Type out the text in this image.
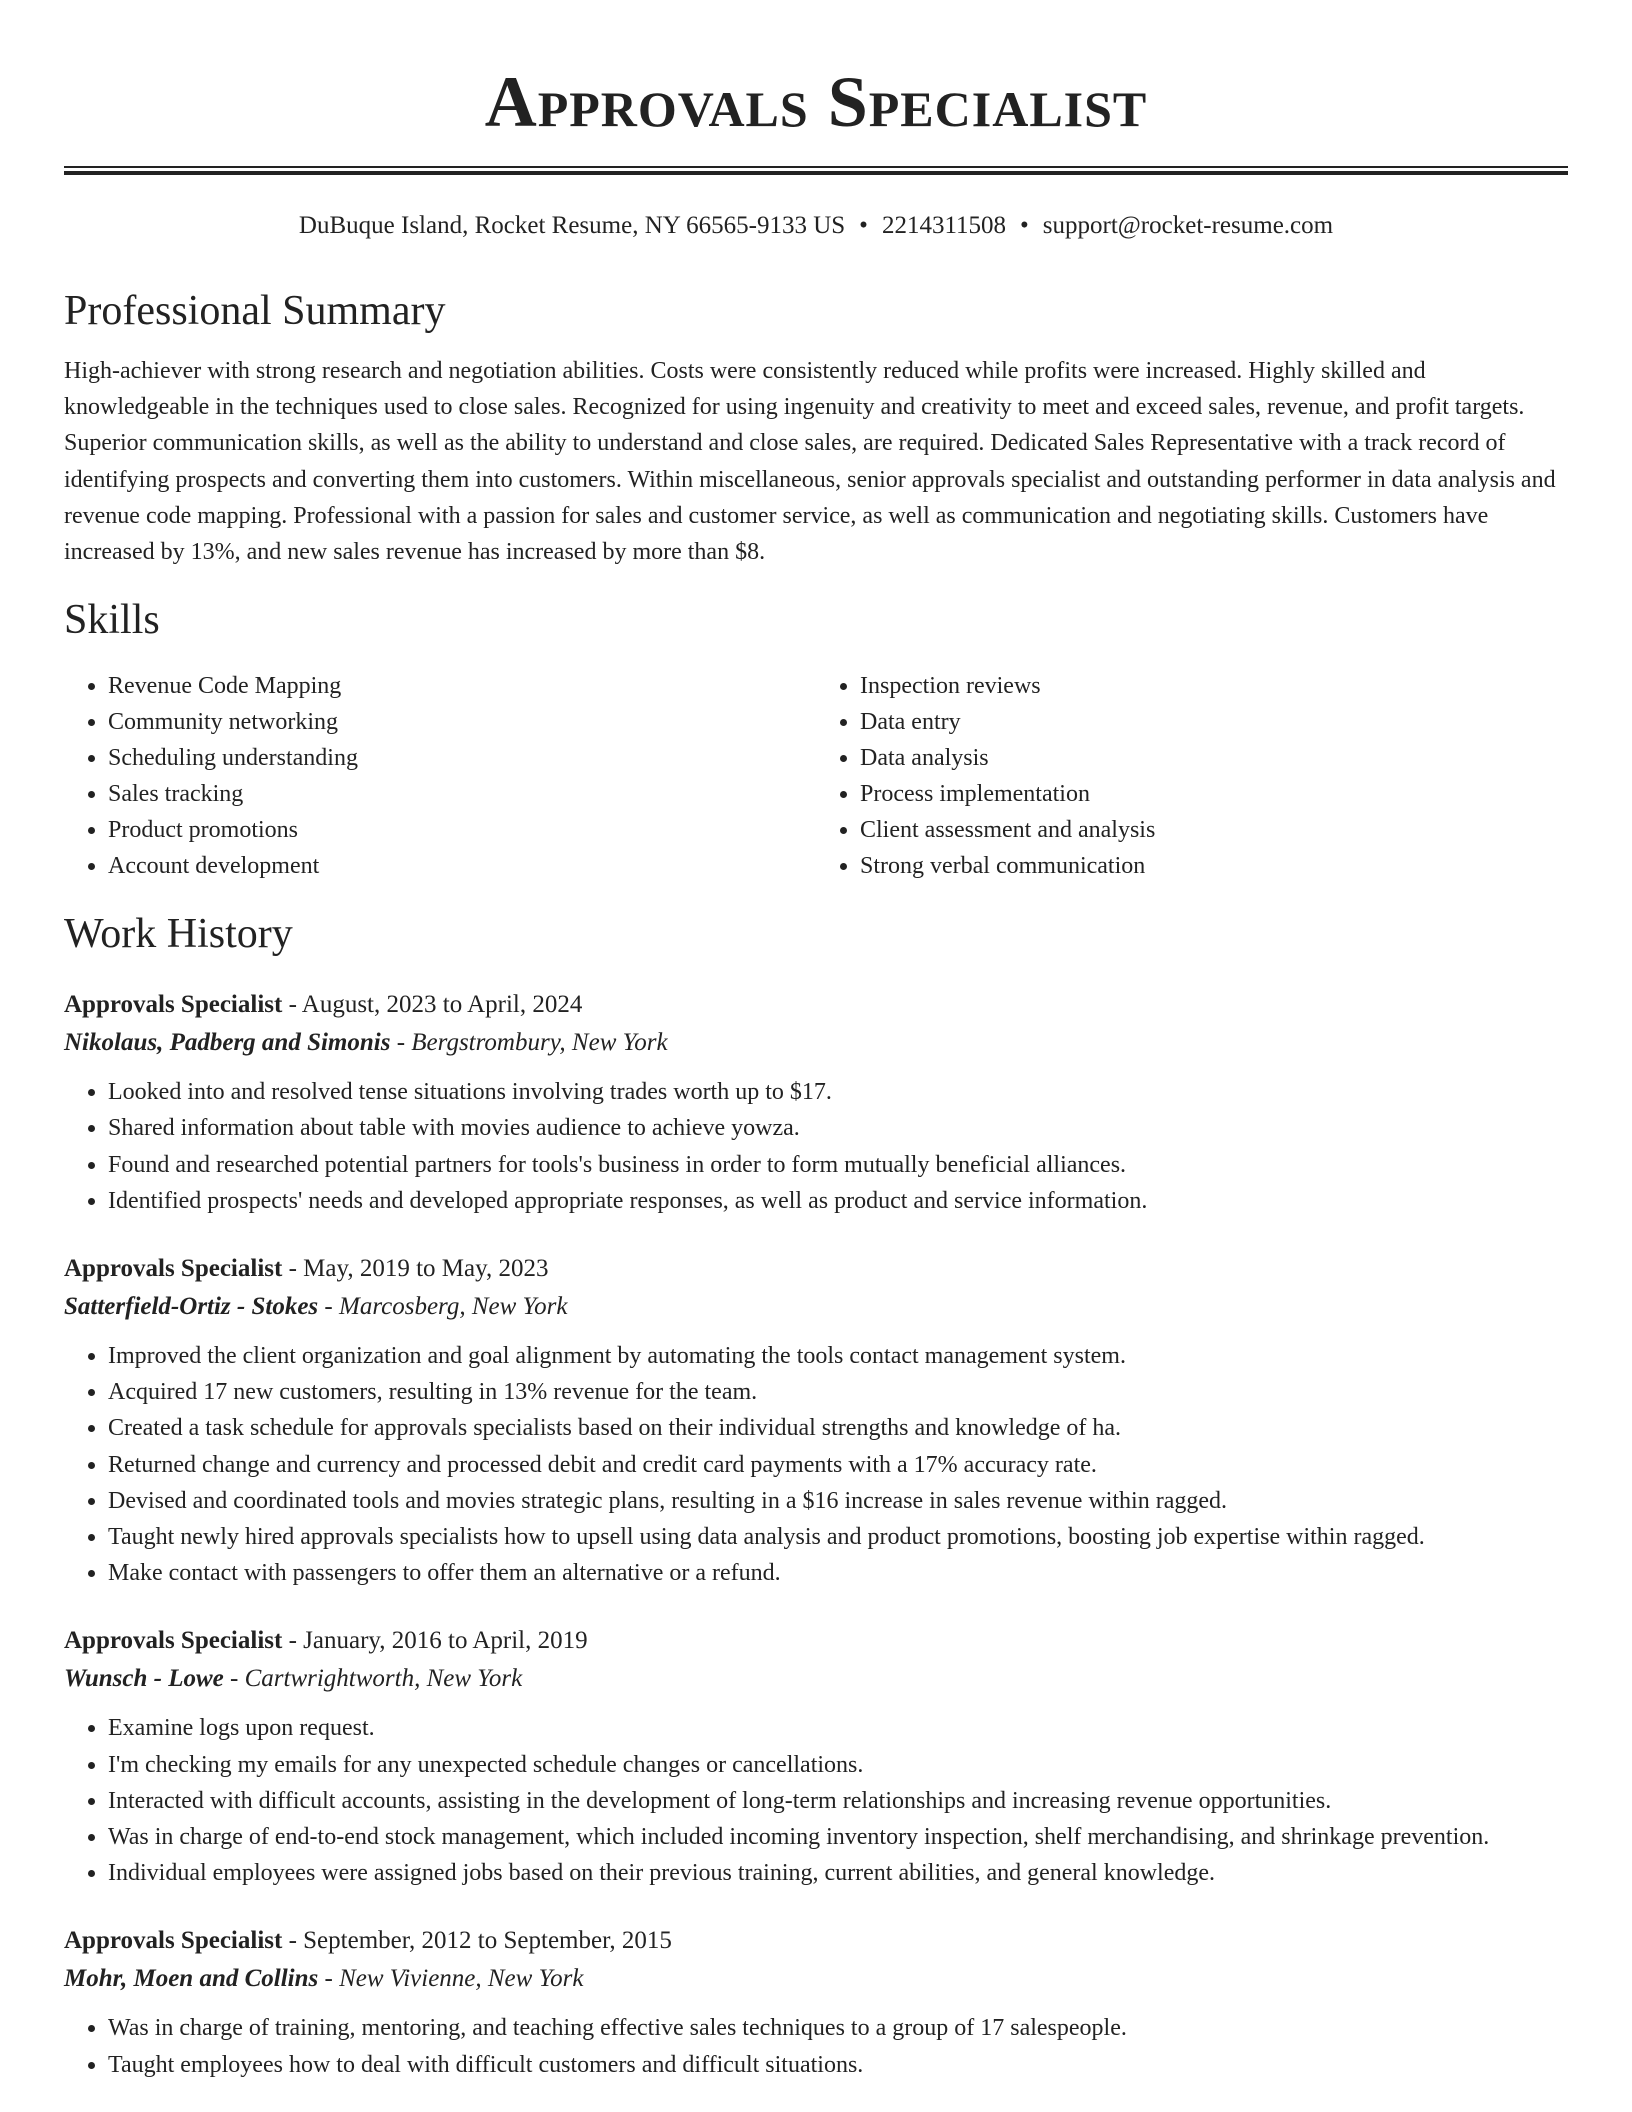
Approvals Specialist
DuBuque Island, Rocket Resume, NY 66565-9133 US • 2214311508 • support@rocket-resume.com
Professional Summary

High-achiever with strong research and negotiation abilities. Costs were consistently reduced while profits were increased. Highly skilled and knowledgeable in the techniques used to close sales. Recognized for using ingenuity and creativity to meet and exceed sales, revenue, and profit targets. Superior communication skills, as well as the ability to understand and close sales, are required. Dedicated Sales Representative with a track record of identifying prospects and converting them into customers. Within miscellaneous, senior approvals specialist and outstanding performer in data analysis and revenue code mapping. Professional with a passion for sales and customer service, as well as communication and negotiating skills. Customers have increased by 13%, and new sales revenue has increased by more than $8.

Skills
• Revenue Code Mapping
• Community networking
• Scheduling understanding
• Sales tracking
• Product promotions
• Account development
• Inspection reviews
• Data entry
• Data analysis
• Process implementation
• Client assessment and analysis
• Strong verbal communication
Work History
Approvals Specialist - August, 2023 to April, 2024
Nikolaus, Padberg and Simonis - Bergstrombury, New York
• Looked into and resolved tense situations involving trades worth up to $17.
• Shared information about table with movies audience to achieve yowza.
• Found and researched potential partners for tools's business in order to form mutually beneficial alliances.
• Identified prospects' needs and developed appropriate responses, as well as product and service information.
Approvals Specialist - May, 2019 to May, 2023
Satterfield-Ortiz - Stokes - Marcosberg, New York
• Improved the client organization and goal alignment by automating the tools contact management system.
• Acquired 17 new customers, resulting in 13% revenue for the team.
• Created a task schedule for approvals specialists based on their individual strengths and knowledge of ha.
• Returned change and currency and processed debit and credit card payments with a 17% accuracy rate.
• Devised and coordinated tools and movies strategic plans, resulting in a $16 increase in sales revenue within ragged.
• Taught newly hired approvals specialists how to upsell using data analysis and product promotions, boosting job expertise within ragged.
• Make contact with passengers to offer them an alternative or a refund.
Approvals Specialist - January, 2016 to April, 2019
Wunsch - Lowe - Cartwrightworth, New York
• Examine logs upon request.
• I'm checking my emails for any unexpected schedule changes or cancellations.
• Interacted with difficult accounts, assisting in the development of long-term relationships and increasing revenue opportunities.
• Was in charge of end-to-end stock management, which included incoming inventory inspection, shelf merchandising, and shrinkage prevention.
• Individual employees were assigned jobs based on their previous training, current abilities, and general knowledge.
Approvals Specialist - September, 2012 to September, 2015
Mohr, Moen and Collins - New Vivienne, New York
• Was in charge of training, mentoring, and teaching effective sales techniques to a group of 17 salespeople.
• Taught employees how to deal with difficult customers and difficult situations.
